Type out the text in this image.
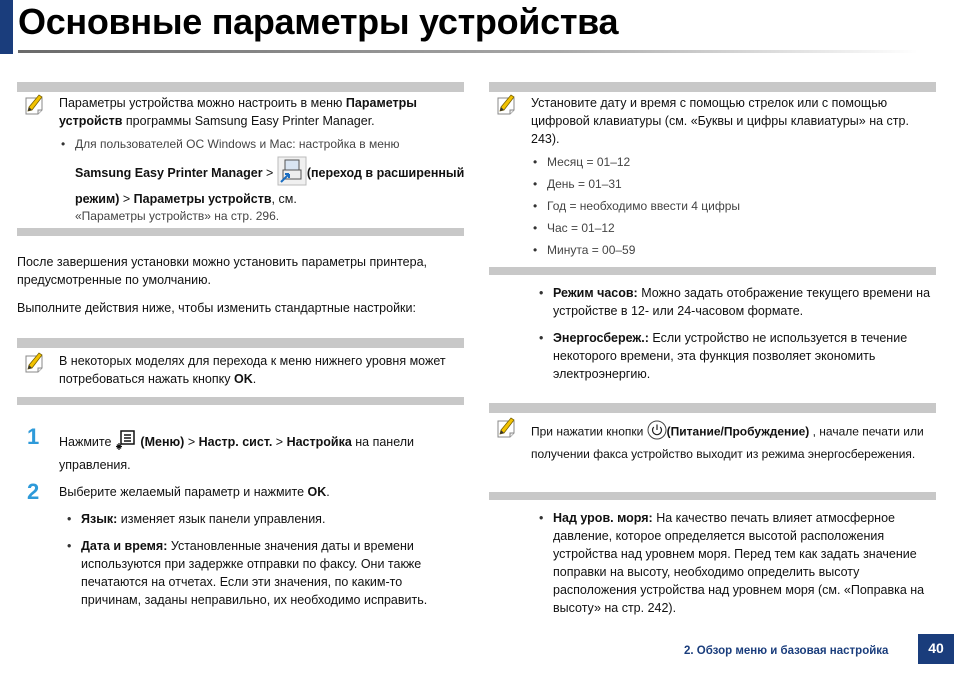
Основные параметры устройства
Параметры устройства можно настроить в меню Параметры устройств программы Samsung Easy Printer Manager.
• Для пользователей ОС Windows и Mac: настройка в меню
Samsung Easy Printer Manager > (переход в расширенный режим) > Параметры устройств, см.
«Параметры устройств» на стр. 296.
После завершения установки можно установить параметры принтера, предусмотренные по умолчанию.
Выполните действия ниже, чтобы изменить стандартные настройки:
В некоторых моделях для перехода к меню нижнего уровня может потребоваться нажать кнопку OK.
1 Нажмите  (Меню) > Настр. сист. > Настройка на панели управления.
2 Выберите желаемый параметр и нажмите OK.
• Язык: изменяет язык панели управления.
• Дата и время: Установленные значения даты и времени используются при задержке отправки по факсу. Они также печатаются на отчетах. Если эти значения, по каким-то причинам, заданы неправильно, их необходимо исправить.
Установите дату и время с помощью стрелок или с помощью цифровой клавиатуры (см. «Буквы и цифры клавиатуры» на стр. 243).
• Месяц = 01–12
• День = 01–31
• Год = необходимо ввести 4 цифры
• Час = 01–12
• Минута = 00–59
• Режим часов: Можно задать отображение текущего времени на устройстве в 12- или 24-часовом формате.
• Энергосбереж.: Если устройство не используется в течение некоторого времени, эта функция позволяет экономить электроэнергию.
При нажатии кнопки (Питание/Пробуждение) , начале печати или получении факса устройство выходит из режима энергосбережения.
• Над уров. моря: На качество печать влияет атмосферное давление, которое определяется высотой расположения устройства над уровнем моря. Перед тем как задать значение поправки на высоту, необходимо определить высоту расположения устройства над уровнем моря (см. «Поправка на высоту» на стр. 242).
2. Обзор меню и базовая настройка	40
